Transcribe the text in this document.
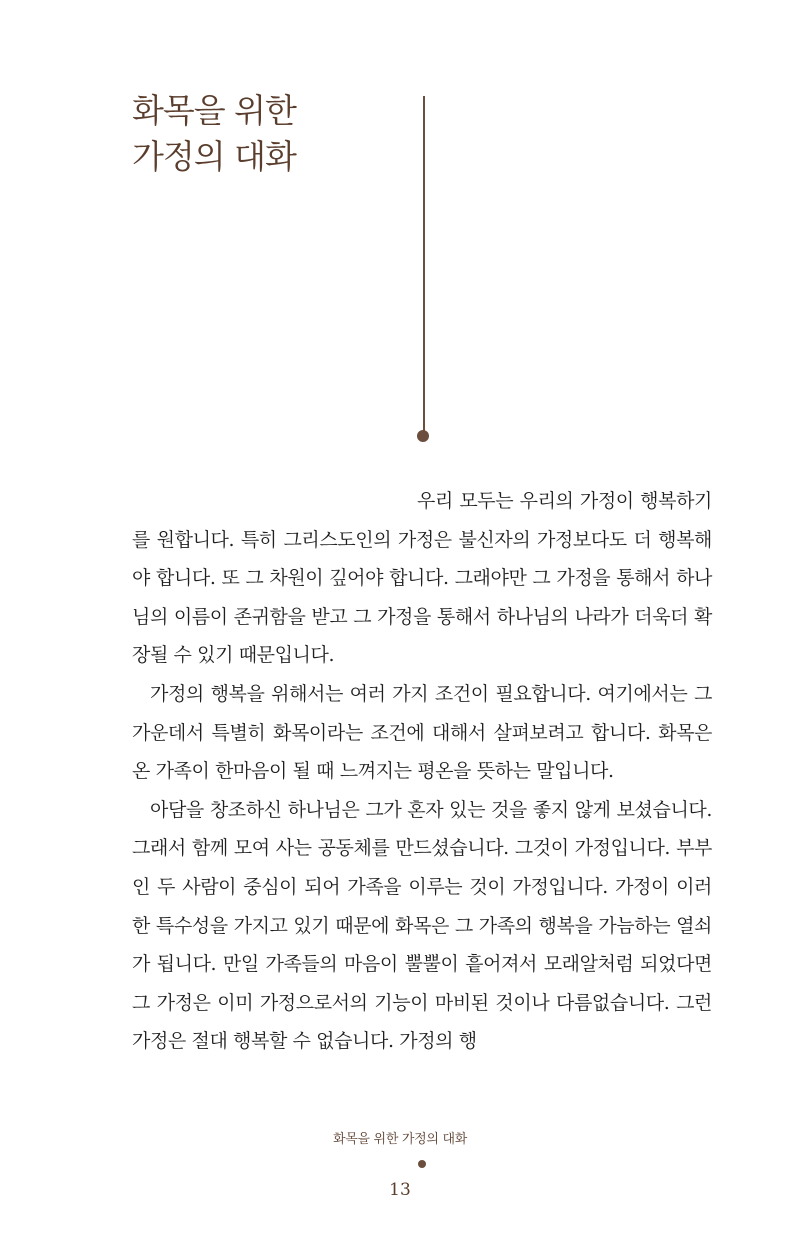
화목을 위한
가정의 대화

우리 모두는 우리의 가정이 행복하기를 원합니다. 특히 그리스도인의 가정은 불신자의 가정보다도 더 행복해야 합니다. 또 그 차원이 깊어야 합니다. 그래야만 그 가정을 통해서 하나님의 이름이 존귀함을 받고 그 가정을 통해서 하나님의 나라가 더욱더 확장될 수 있기 때문입니다.

가정의 행복을 위해서는 여러 가지 조건이 필요합니다. 여기에서는 그 가운데서 특별히 화목이라는 조건에 대해서 살펴보려고 합니다. 화목은 온 가족이 한마음이 될 때 느껴지는 평온을 뜻하는 말입니다.

아담을 창조하신 하나님은 그가 혼자 있는 것을 좋지 않게 보셨습니다. 그래서 함께 모여 사는 공동체를 만드셨습니다. 그것이 가정입니다. 부부인 두 사람이 중심이 되어 가족을 이루는 것이 가정입니다. 가정이 이러한 특수성을 가지고 있기 때문에 화목은 그 가족의 행복을 가늠하는 열쇠가 됩니다. 만일 가족들의 마음이 뿔뿔이 흩어져서 모래알처럼 되었다면 그 가정은 이미 가정으로서의 기능이 마비된 것이나 다름없습니다. 그런 가정은 절대 행복할 수 없습니다. 가정의 행

화목을 위한 가정의 대화
13
